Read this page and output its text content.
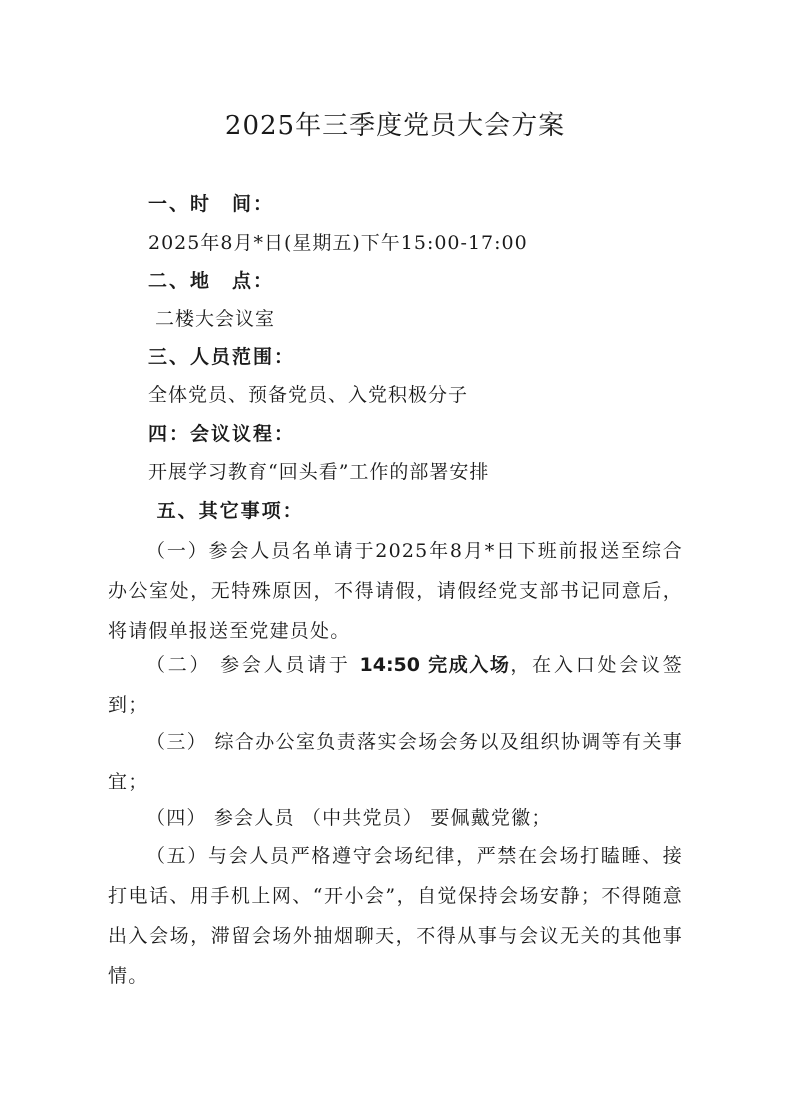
2025年三季度党员大会方案
一、时　间：
2025年8月*日(星期五)下午15:00-17:00
二、地　点：
二楼大会议室
三、人员范围：
全体党员、预备党员、入党积极分子
四：会议议程：
开展学习教育“回头看”工作的部署安排
五、其它事项：
（一）参会人员名单请于2025年8月*日下班前报送至综合办公室处，无特殊原因，不得请假，请假经党支部书记同意后，将请假单报送至党建员处。
（二） 参会人员请于 14:50 完成入场，在入口处会议签到；
（三） 综合办公室负责落实会场会务以及组织协调等有关事宜；
（四） 参会人员 （中共党员） 要佩戴党徽；
（五）与会人员严格遵守会场纪律，严禁在会场打瞌睡、接打电话、用手机上网、“开小会”，自觉保持会场安静；不得随意出入会场，滞留会场外抽烟聊天，不得从事与会议无关的其他事情。
